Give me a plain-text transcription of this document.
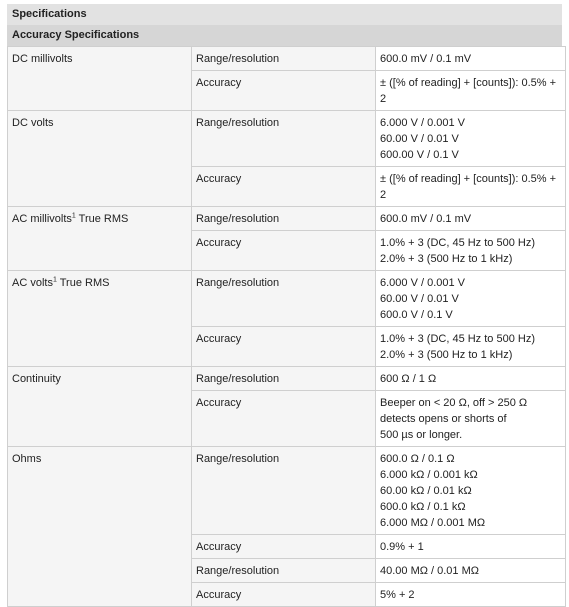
Specifications
Accuracy Specifications
DC millivolts	Range/resolution	600.0 mV / 0.1 mV

	Accuracy	± ([% of reading] + [counts]): 0.5% +
2

DC volts	Range/resolution	6.000 V / 0.001 V
60.00 V / 0.01 V
600.00 V / 0.1 V

	Accuracy	± ([% of reading] + [counts]): 0.5% +
2

AC millivolts$^1$ True RMS	Range/resolution	600.0 mV / 0.1 mV

	Accuracy	1.0% + 3 (DC, 45 Hz to 500 Hz)
2.0% + 3 (500 Hz to 1 kHz)

AC volts$^1$ True RMS	Range/resolution	6.000 V / 0.001 V
60.00 V / 0.01 V
600.0 V / 0.1 V

	Accuracy	1.0% + 3 (DC, 45 Hz to 500 Hz)
2.0% + 3 (500 Hz to 1 kHz)

Continuity	Range/resolution	600 Ω / 1 Ω

	Accuracy	Beeper on < 20 Ω, off > 250 Ω
detects opens or shorts of
500 µs or longer.

Ohms	Range/resolution	600.0 Ω / 0.1 Ω
6.000 kΩ / 0.001 kΩ
60.00 kΩ / 0.01 kΩ
600.0 kΩ / 0.1 kΩ
6.000 MΩ / 0.001 MΩ

	Accuracy	0.9% + 1

	Range/resolution	40.00 MΩ / 0.01 MΩ

	Accuracy	5% + 2
